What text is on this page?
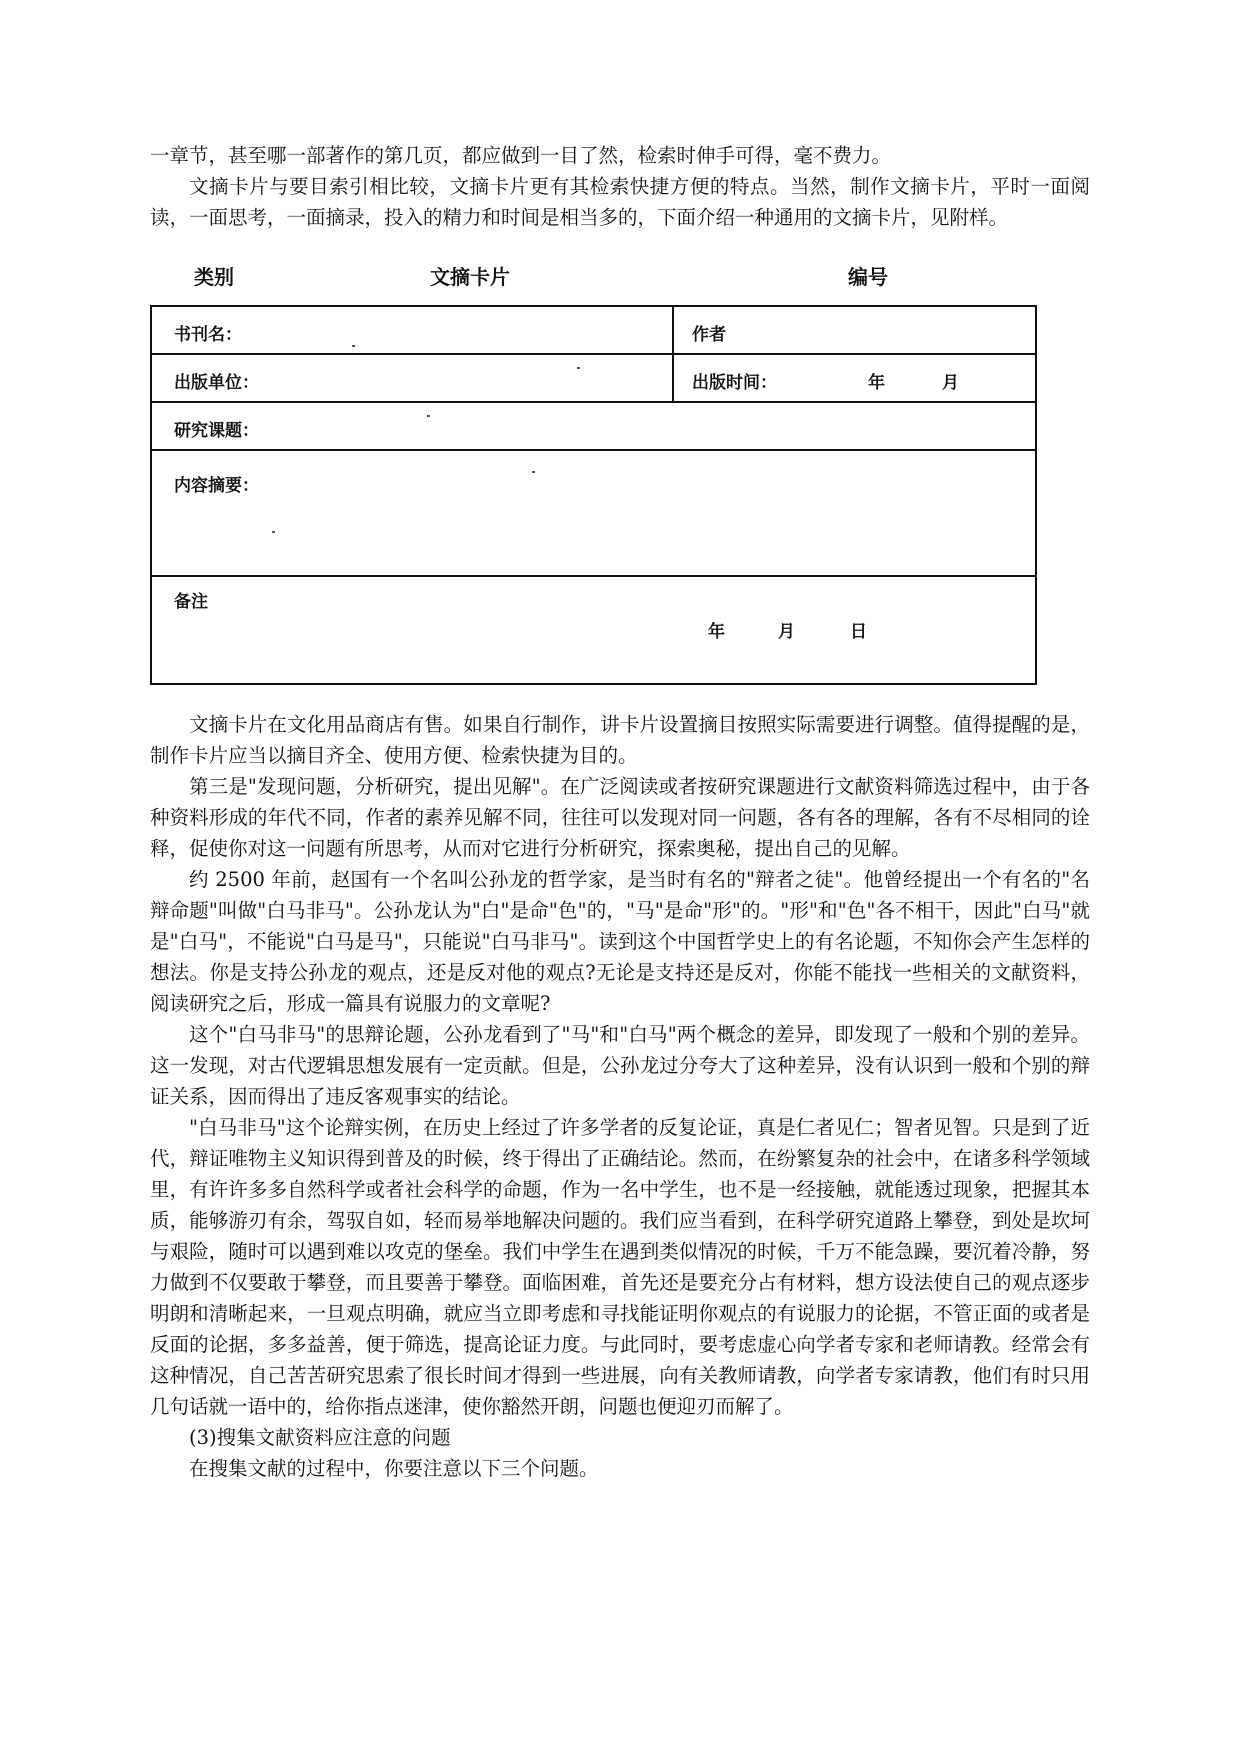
一章节，甚至哪一部著作的第几页，都应做到一目了然，检索时伸手可得，毫不费力。

文摘卡片与要目索引相比较，文摘卡片更有其检索快捷方便的特点。当然，制作文摘卡片，平时一面阅读，一面思考，一面摘录，投入的精力和时间是相当多的，下面介绍一种通用的文摘卡片，见附样。

类别	文摘卡片	编号
书刊名：	作者
出版单位：	出版时间：	年	月
研究课题：
内容摘要：
备注
年	月	日

文摘卡片在文化用品商店有售。如果自行制作，讲卡片设置摘目按照实际需要进行调整。值得提醒的是，制作卡片应当以摘目齐全、使用方便、检索快捷为目的。

第三是"发现问题，分析研究，提出见解"。在广泛阅读或者按研究课题进行文献资料筛选过程中，由于各种资料形成的年代不同，作者的素养见解不同，往往可以发现对同一问题，各有各的理解，各有不尽相同的诠释，促使你对这一问题有所思考，从而对它进行分析研究，探索奥秘，提出自己的见解。

约 2500 年前，赵国有一个名叫公孙龙的哲学家，是当时有名的"辩者之徒"。他曾经提出一个有名的"名辩命题"叫做"白马非马"。公孙龙认为"白"是命"色"的，"马"是命"形"的。"形"和"色"各不相干，因此"白马"就是"白马"，不能说"白马是马"，只能说"白马非马"。读到这个中国哲学史上的有名论题，不知你会产生怎样的想法。你是支持公孙龙的观点，还是反对他的观点?无论是支持还是反对，你能不能找一些相关的文献资料，阅读研究之后，形成一篇具有说服力的文章呢?

这个"白马非马"的思辩论题，公孙龙看到了"马"和"白马"两个概念的差异，即发现了一般和个别的差异。这一发现，对古代逻辑思想发展有一定贡献。但是，公孙龙过分夸大了这种差异，没有认识到一般和个别的辩证关系，因而得出了违反客观事实的结论。

"白马非马"这个论辩实例，在历史上经过了许多学者的反复论证，真是仁者见仁；智者见智。只是到了近代，辩证唯物主义知识得到普及的时候，终于得出了正确结论。然而，在纷繁复杂的社会中，在诸多科学领域里，有许许多多自然科学或者社会科学的命题，作为一名中学生，也不是一经接触，就能透过现象，把握其本质，能够游刃有余，驾驭自如，轻而易举地解决问题的。我们应当看到，在科学研究道路上攀登，到处是坎坷与艰险，随时可以遇到难以攻克的堡垒。我们中学生在遇到类似情况的时候，千万不能急躁，要沉着冷静，努力做到不仅要敢于攀登，而且要善于攀登。面临困难，首先还是要充分占有材料，想方设法使自己的观点逐步明朗和清晰起来，一旦观点明确，就应当立即考虑和寻找能证明你观点的有说服力的论据，不管正面的或者是反面的论据，多多益善，便于筛选，提高论证力度。与此同时，要考虑虚心向学者专家和老师请教。经常会有这种情况，自己苦苦研究思索了很长时间才得到一些进展，向有关教师请教，向学者专家请教，他们有时只用几句话就一语中的，给你指点迷津，使你豁然开朗，问题也便迎刃而解了。

(3)搜集文献资料应注意的问题

在搜集文献的过程中，你要注意以下三个问题。
